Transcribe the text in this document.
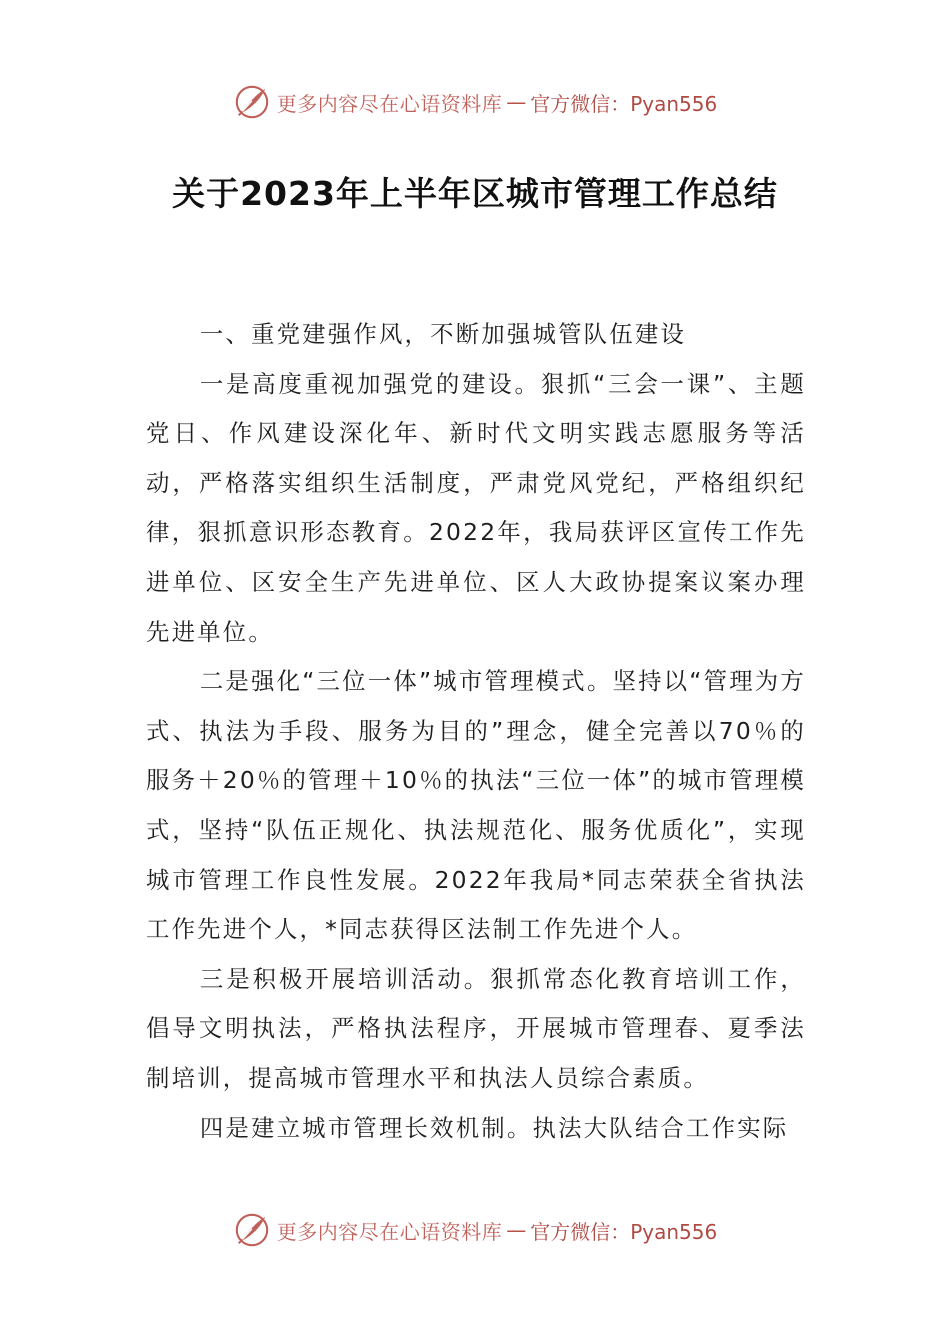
更多内容尽在心语资料库 — 官方微信：Pyan556
关于2023年上半年区城市管理工作总结

一、重党建强作风，不断加强城管队伍建设

一是高度重视加强党的建设。狠抓“三会一课”、主题党日、作风建设深化年、新时代文明实践志愿服务等活动，严格落实组织生活制度，严肃党风党纪，严格组织纪律，狠抓意识形态教育。2022年，我局获评区宣传工作先进单位、区安全生产先进单位、区人大政协提案议案办理先进单位。

二是强化“三位一体”城市管理模式。坚持以“管理为方式、执法为手段、服务为目的”理念，健全完善以70％的服务＋20％的管理＋10％的执法“三位一体”的城市管理模式，坚持“队伍正规化、执法规范化、服务优质化”，实现城市管理工作良性发展。2022年我局*同志荣获全省执法工作先进个人，*同志获得区法制工作先进个人。

三是积极开展培训活动。狠抓常态化教育培训工作，倡导文明执法，严格执法程序，开展城市管理春、夏季法制培训，提高城市管理水平和执法人员综合素质。

四是建立城市管理长效机制。执法大队结合工作实际

更多内容尽在心语资料库 — 官方微信：Pyan556
